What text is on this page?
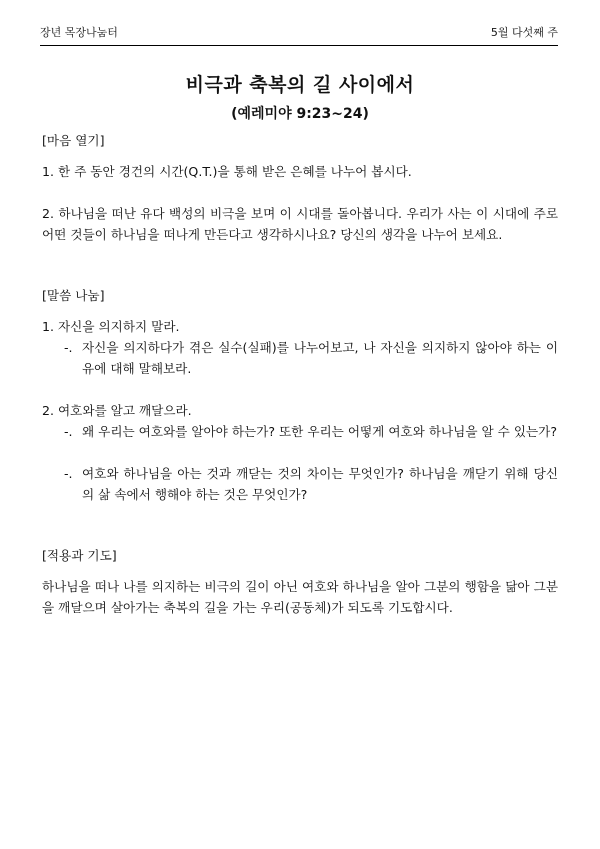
장년 목장나눔터	5월 다섯째 주
비극과 축복의 길 사이에서
(예레미야 9:23~24)

[마음 열기]

1. 한 주 동안 경건의 시간(Q.T.)을 통해 받은 은혜를 나누어 봅시다.

2. 하나님을 떠난 유다 백성의 비극을 보며 이 시대를 돌아봅니다. 우리가 사는 이 시대에 주로 어떤 것들이 하나님을 떠나게 만든다고 생각하시나요? 당신의 생각을 나누어 보세요.

[말씀 나눔]

1. 자신을 의지하지 말라.

-. 자신을 의지하다가 겪은 실수(실패)를 나누어보고, 나 자신을 의지하지 않아야 하는 이유에 대해 말해보라.

2. 여호와를 알고 깨달으라.

-. 왜 우리는 여호와를 알아야 하는가? 또한 우리는 어떻게 여호와 하나님을 알 수 있는가?
-. 여호와 하나님을 아는 것과 깨닫는 것의 차이는 무엇인가? 하나님을 깨닫기 위해 당신의 삶 속에서 행해야 하는 것은 무엇인가?

[적용과 기도]

하나님을 떠나 나를 의지하는 비극의 길이 아닌 여호와 하나님을 알아 그분의 행함을 닮아 그분을 깨달으며 살아가는 축복의 길을 가는 우리(공동체)가 되도록 기도합시다.
